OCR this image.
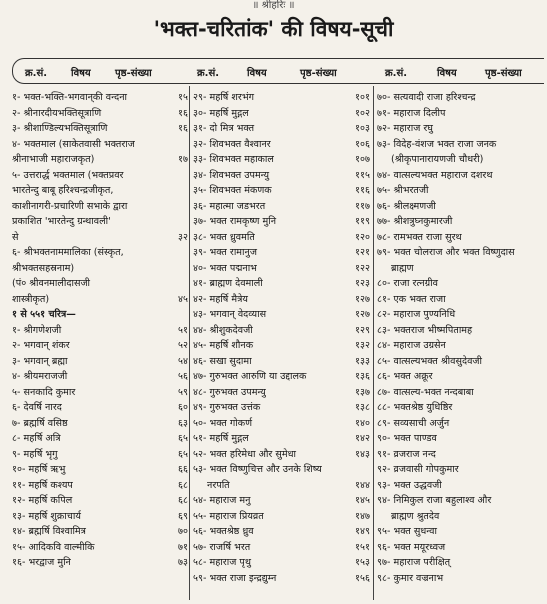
॥ श्रीहरिः ॥
'भक्त-चरितांक' की विषय-सूची
क्र.सं. विषय पृष्ठ-संख्या	क्र.सं.	विषय	पृष्ठ-संख्या	क्र.सं.	विषय	पृष्ठ-संख्या
१- भक्त-भक्ति-भगवान्‌की वन्दना	१५
२- श्रीनारदीयभक्तिसूत्राणि	१६
३- श्रीशाण्डिल्यभक्तिसूत्राणि	१६
४- भक्तमाल (साकेतवासी भक्तराज
श्रीनाभाजी महाराजकृत)	१७
५- उत्तरार्द्ध भक्तमाल (भक्तप्रवर
भारतेन्दु बाबू हरिश्चन्द्रजीकृत,
काशीनागरी-प्रचारिणी सभाके द्वारा
प्रकाशित 'भारतेन्दु ग्रन्थावली'
से	३२
६- श्रीभक्तनाममालिका (संस्कृत,
श्रीभक्तसहस्रनाम)
(पं० श्रीवनमालीदासजी
शास्त्रीकृत)	४५
१ से ५५१ चरित्र—
१- श्रीगणेशजी	५१
२- भगवान् शंकर	५२
३- भगवान् ब्रह्मा	५४
४- श्रीयमराजजी	५६
५- सनकादि कुमार	५९
६- देवर्षि नारद	६०
७- ब्रह्मर्षि वसिष्ठ	६३
८- महर्षि अत्रि	६५
९- महर्षि भृगु	६५
१०- महर्षि ऋभु	६६
११- महर्षि कश्यप	६८
१२- महर्षि कपिल	६८
१३- महर्षि शुक्राचार्य	६९
१४- ब्रह्मर्षि विश्वामित्र	७०
१५- आदिकवि वाल्मीकि	७१
१६- भरद्वाज मुनि	७३
२९- महर्षि शरभंग	१०१
३०- महर्षि मुद्गल	१०२
३१- दो मित्र भक्त	१०३
३२- शिवभक्त वैश्वानर	१०६
३३- शिवभक्त महाकाल	१०७
३४- शिवभक्त उपमन्यु	११५
३५- शिवभक्त मंकणक	११६
३६- महात्मा जडभरत	११७
३७- भक्त रामकृष्ण मुनि	११९
३८- भक्त ध्रुवमति	१२०
३९- भक्त रामानुज	१२१
४०- भक्त पद्मनाभ	१२२
४१- ब्राह्मण देवमाली	१२३
४२- महर्षि मैत्रेय	१२७
४३- भगवान् वेदव्यास	१२७
४४- श्रीशुकदेवजी	१२९
४५- महर्षि शौनक	१३२
४६- सखा सुदामा	१३३
४७- गुरुभक्त आरुणि या उद्दालक	१३६
४८- गुरुभक्त उपमन्यु	१३७
४९- गुरुभक्त उत्तंक	१३८
५०- भक्त गोकर्ण	१४०
५१- महर्षि मुद्गल	१४२
५२- भक्त हरिमेधा और सुमेधा	१४३
५३- भक्त विष्णुचित्त और उनके शिष्य
नरपति	१४४
५४- महाराज मनु	१४५
५५- महाराज प्रियव्रत	१४७
५६- भक्तश्रेष्ठ ध्रुव	१४९
५७- राजर्षि भरत	१५१
५८- महाराज पृथु	१५३
५९- भक्त राजा इन्द्रद्युम्न	१५६
७०- सत्यवादी राजा हरिश्चन्द्र
७१- महाराज दिलीप
७२- महाराज रघु
७३- विदेह-वंशज भक्त राजा जनक
(श्रीकृपानारायणजी चौधरी)
७४- वात्सल्यभक्त महाराज दशरथ
७५- श्रीभरतजी
७६- श्रीलक्ष्मणजी
७७- श्रीशत्रुघ्नकुमारजी
७८- रामभक्त राजा सुरथ
७९- भक्त चोलराज और भक्त विष्णुदास
ब्राह्मण
८०- राजा रत्नग्रीव
८१- एक भक्त राजा
८२- महाराज पुण्यनिधि
८३- भक्तराज भीष्मपितामह
८४- महाराज उग्रसेन
८५- वात्सल्यभक्त श्रीवसुदेवजी
८६- भक्त अक्रूर
८७- वात्सल्य-भक्त नन्दबाबा
८८- भक्तश्रेष्ठ युधिष्ठिर
८९- सव्यसाची अर्जुन
९०- भक्त पाण्डव
९१- व्रजराज नन्द
९२- व्रजवासी गोपकुमार
९३- भक्त उद्धवजी
९४- निमिकुल राजा बहुलाश्व और
ब्राह्मण श्रुतदेव
९५- भक्त सुधन्वा
९६- भक्त मयूरध्वज
९७- महाराज परीक्षित्
९८- कुमार वज्रनाभ
